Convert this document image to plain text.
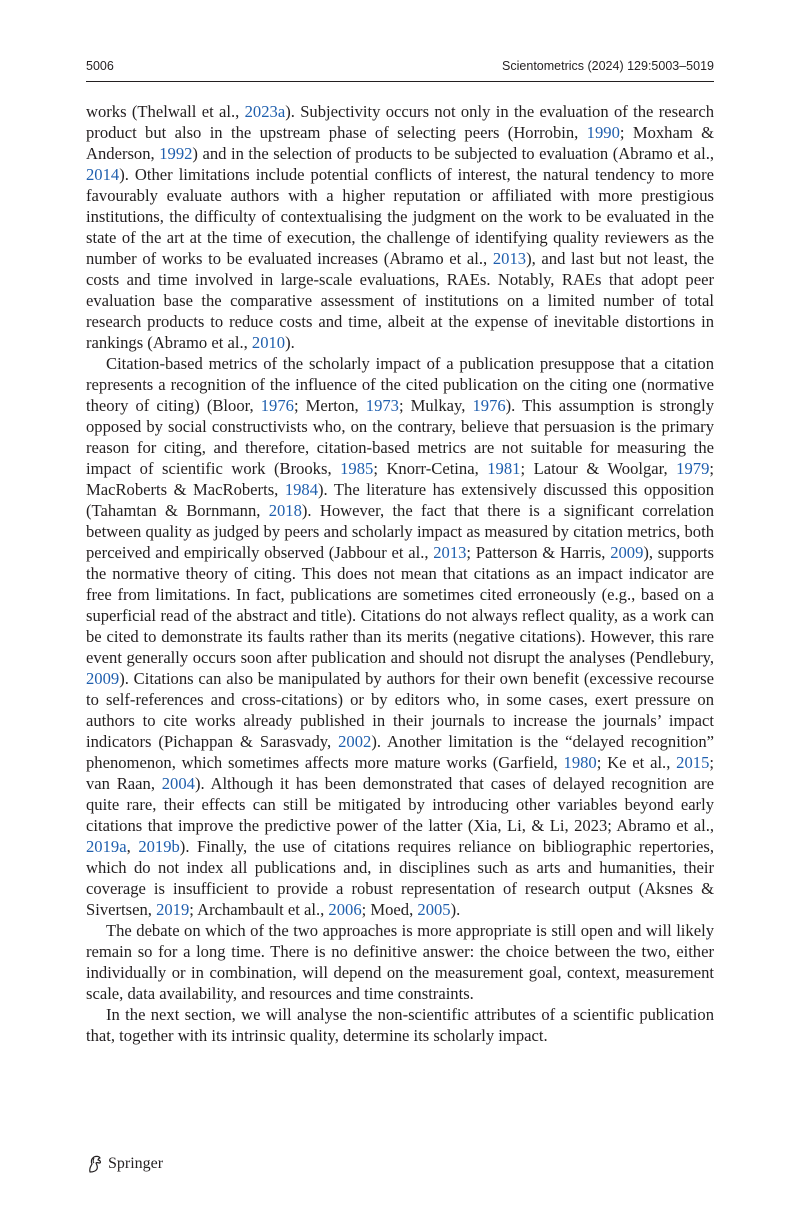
5006	Scientometrics (2024) 129:5003–5019

works (Thelwall et al., 2023a). Subjectivity occurs not only in the evaluation of the research product but also in the upstream phase of selecting peers (Horrobin, 1990; Moxham & Anderson, 1992) and in the selection of products to be subjected to evaluation (Abramo et al., 2014). Other limitations include potential conflicts of interest, the natural tendency to more favourably evaluate authors with a higher reputation or affiliated with more prestigious institutions, the difficulty of contextualising the judgment on the work to be evaluated in the state of the art at the time of execution, the challenge of identifying quality reviewers as the number of works to be evaluated increases (Abramo et al., 2013), and last but not least, the costs and time involved in large-scale evaluations, RAEs. Notably, RAEs that adopt peer evaluation base the comparative assessment of institutions on a limited number of total research products to reduce costs and time, albeit at the expense of inevitable distortions in rankings (Abramo et al., 2010).

Citation-based metrics of the scholarly impact of a publication presuppose that a citation represents a recognition of the influence of the cited publication on the citing one (normative theory of citing) (Bloor, 1976; Merton, 1973; Mulkay, 1976). This assumption is strongly opposed by social constructivists who, on the contrary, believe that persuasion is the primary reason for citing, and therefore, citation-based metrics are not suitable for measuring the impact of scientific work (Brooks, 1985; Knorr-Cetina, 1981; Latour & Woolgar, 1979; MacRoberts & MacRoberts, 1984). The literature has extensively discussed this opposition (Tahamtan & Bornmann, 2018). However, the fact that there is a significant correlation between quality as judged by peers and scholarly impact as measured by citation metrics, both perceived and empirically observed (Jabbour et al., 2013; Patterson & Harris, 2009), supports the normative theory of citing. This does not mean that citations as an impact indicator are free from limitations. In fact, publications are sometimes cited erroneously (e.g., based on a superficial read of the abstract and title). Citations do not always reflect quality, as a work can be cited to demonstrate its faults rather than its merits (negative citations). However, this rare event generally occurs soon after publication and should not disrupt the analyses (Pendlebury, 2009). Citations can also be manipulated by authors for their own benefit (excessive recourse to self-references and cross-citations) or by editors who, in some cases, exert pressure on authors to cite works already published in their journals to increase the journals’ impact indicators (Pichappan & Sarasvady, 2002). Another limitation is the “delayed recognition” phenomenon, which sometimes affects more mature works (Garfield, 1980; Ke et al., 2015; van Raan, 2004). Although it has been demonstrated that cases of delayed recognition are quite rare, their effects can still be mitigated by introducing other variables beyond early citations that improve the predictive power of the latter (Xia, Li, & Li, 2023; Abramo et al., 2019a, 2019b). Finally, the use of citations requires reliance on bibliographic repertories, which do not index all publications and, in disciplines such as arts and humanities, their coverage is insufficient to provide a robust representation of research output (Aksnes & Sivertsen, 2019; Archambault et al., 2006; Moed, 2005).

The debate on which of the two approaches is more appropriate is still open and will likely remain so for a long time. There is no definitive answer: the choice between the two, either individually or in combination, will depend on the measurement goal, context, measurement scale, data availability, and resources and time constraints.

In the next section, we will analyse the non-scientific attributes of a scientific publication that, together with its intrinsic quality, determine its scholarly impact.

Springer
